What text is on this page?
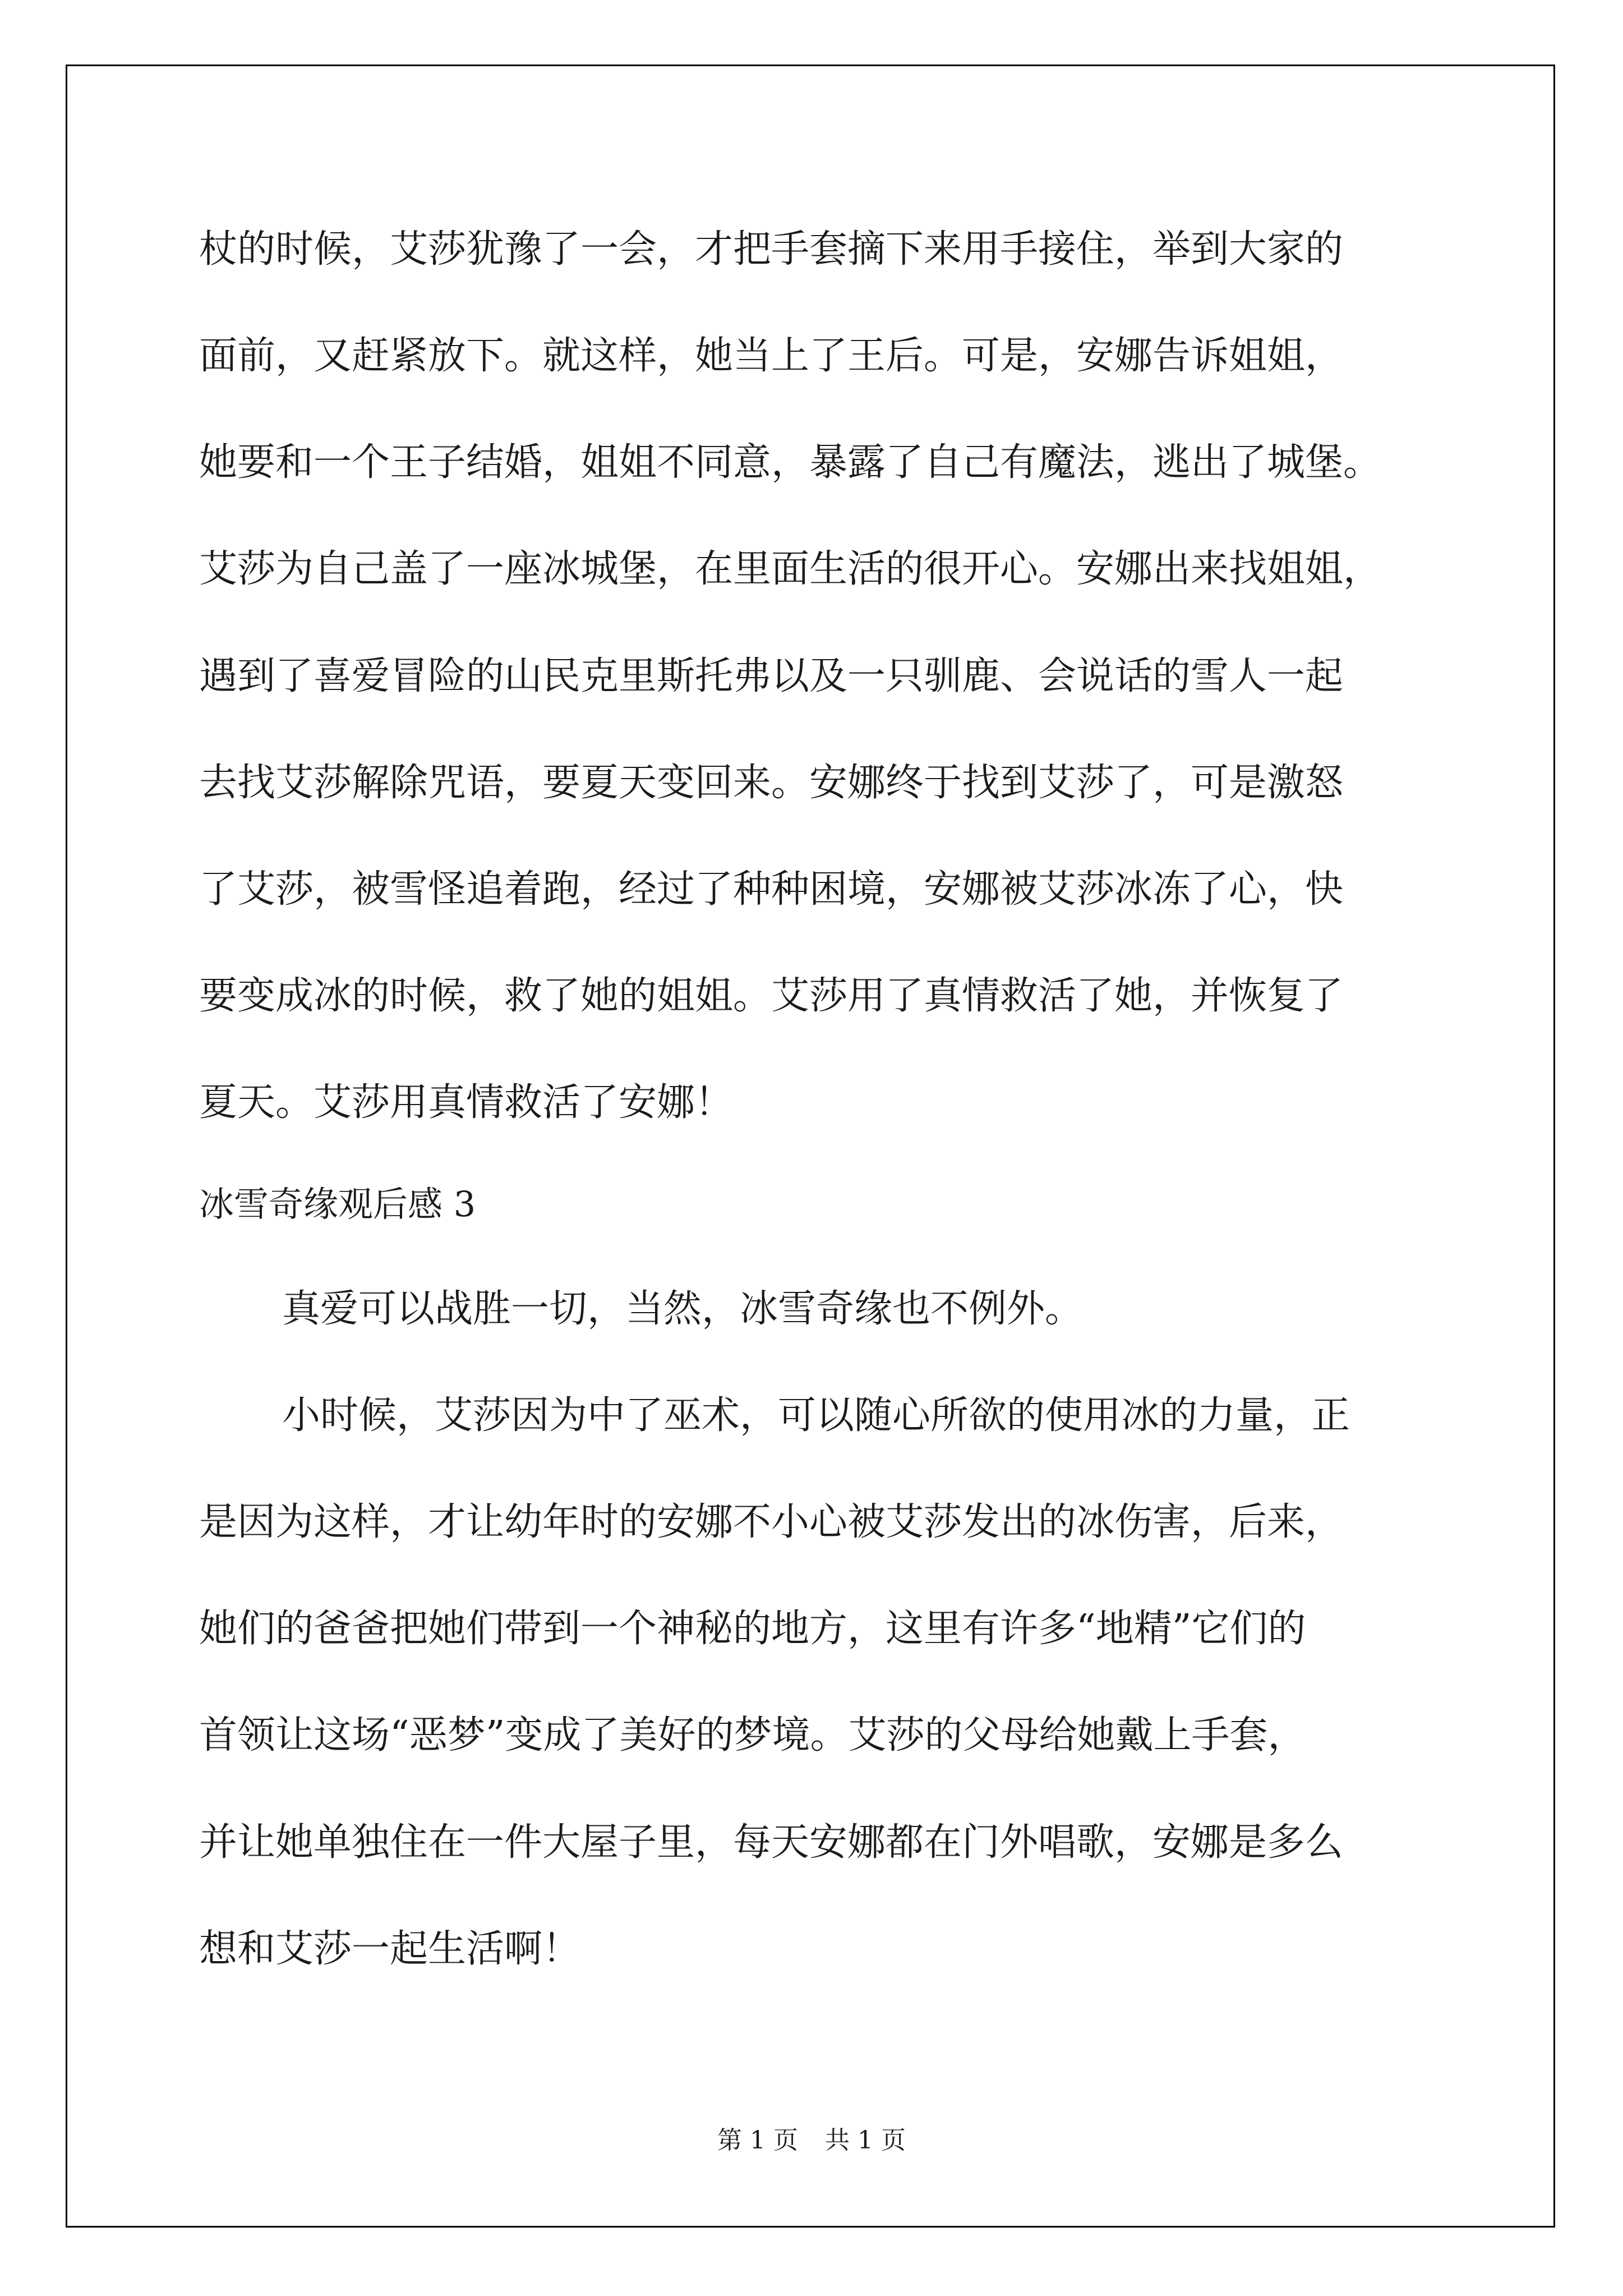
杖的时候，艾莎犹豫了一会，才把手套摘下来用手接住，举到大家的

面前，又赶紧放下。就这样，她当上了王后。可是，安娜告诉姐姐，

她要和一个王子结婚，姐姐不同意，暴露了自己有魔法，逃出了城堡。

艾莎为自己盖了一座冰城堡，在里面生活的很开心。安娜出来找姐姐，

遇到了喜爱冒险的山民克里斯托弗以及一只驯鹿、会说话的雪人一起

去找艾莎解除咒语，要夏天变回来。安娜终于找到艾莎了，可是激怒

了艾莎，被雪怪追着跑，经过了种种困境，安娜被艾莎冰冻了心，快

要变成冰的时候，救了她的姐姐。艾莎用了真情救活了她，并恢复了

夏天。艾莎用真情救活了安娜！

冰雪奇缘观后感 3

真爱可以战胜一切，当然，冰雪奇缘也不例外。

小时候，艾莎因为中了巫术，可以随心所欲的使用冰的力量，正

是因为这样，才让幼年时的安娜不小心被艾莎发出的冰伤害，后来，

她们的爸爸把她们带到一个神秘的地方，这里有许多“地精”它们的

首领让这场“恶梦”变成了美好的梦境。艾莎的父母给她戴上手套，

并让她单独住在一件大屋子里，每天安娜都在门外唱歌，安娜是多么

想和艾莎一起生活啊！

第 1 页 共 1 页
